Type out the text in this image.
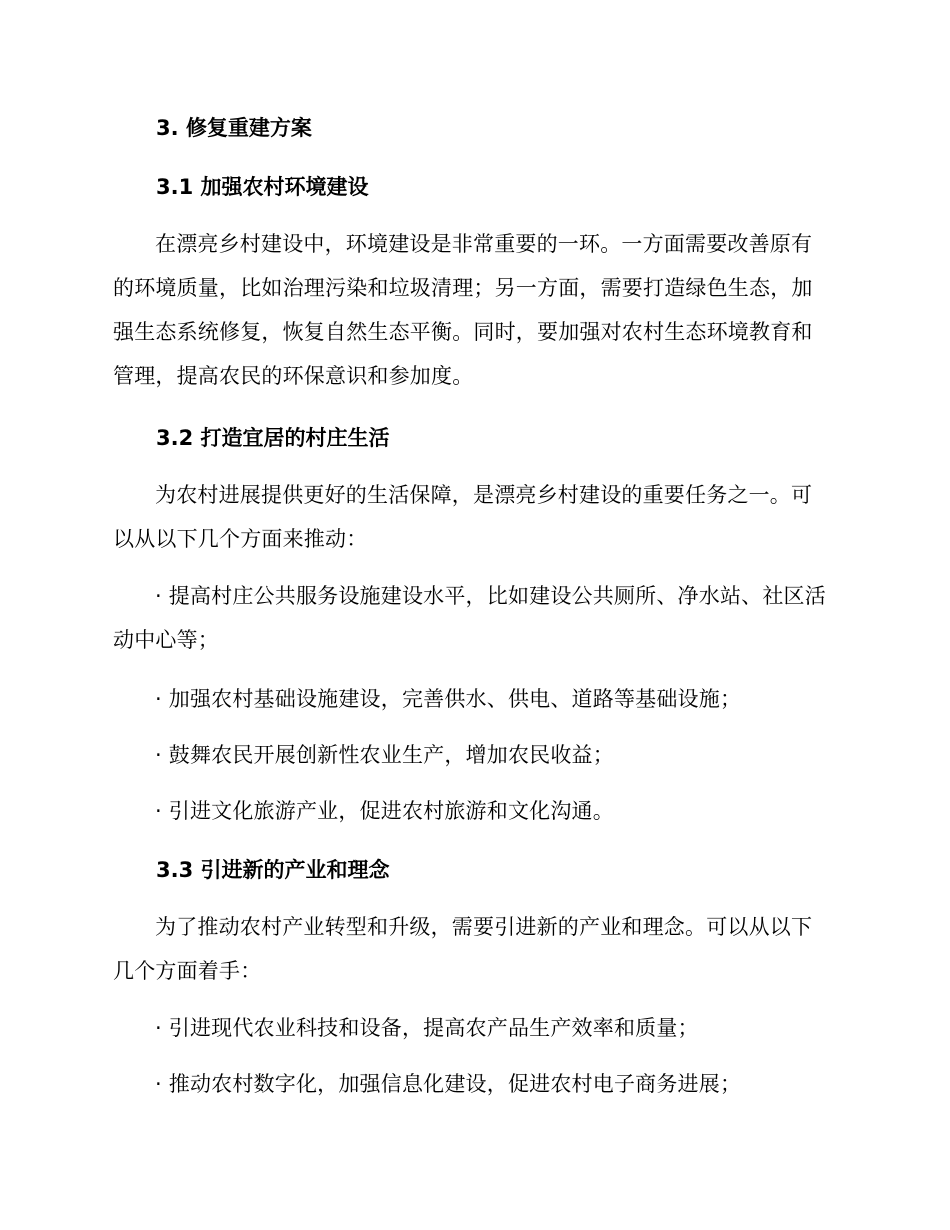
3. 修复重建方案
3.1 加强农村环境建设

在漂亮乡村建设中，环境建设是非常重要的一环。一方面需要改善原有的环境质量，比如治理污染和垃圾清理；另一方面，需要打造绿色生态，加强生态系统修复，恢复自然生态平衡。同时，要加强对农村生态环境教育和管理，提高农民的环保意识和参加度。

3.2 打造宜居的村庄生活

为农村进展提供更好的生活保障，是漂亮乡村建设的重要任务之一。可以从以下几个方面来推动：

· 提高村庄公共服务设施建设水平，比如建设公共厕所、净水站、社区活动中心等；

· 加强农村基础设施建设，完善供水、供电、道路等基础设施；

· 鼓舞农民开展创新性农业生产，增加农民收益；

· 引进文化旅游产业，促进农村旅游和文化沟通。

3.3 引进新的产业和理念

为了推动农村产业转型和升级，需要引进新的产业和理念。可以从以下几个方面着手：

· 引进现代农业科技和设备，提高农产品生产效率和质量；

· 推动农村数字化，加强信息化建设，促进农村电子商务进展；
